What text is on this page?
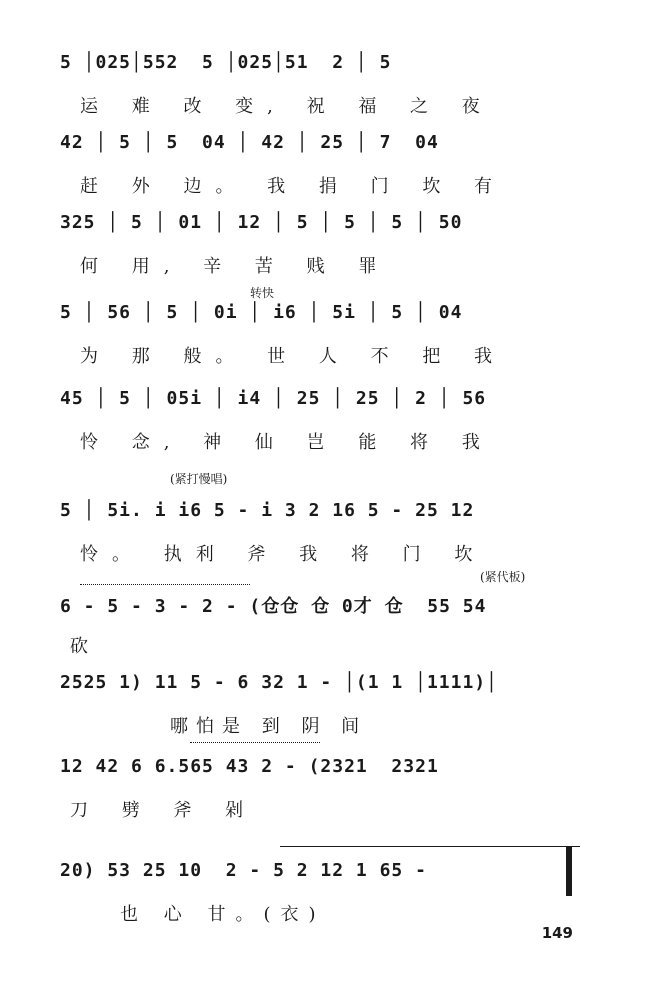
5 │025│552  5 │025│51  2 │ 5
运 难 改 变, 祝 福 之 夜
42 │ 5 │ 5  04 │ 42 │ 25 │ 7  04
赶 外 边。 我 捐 门 坎 有
325 │ 5 │ 01 │ 12 │ 5 │ 5 │ 5 │ 50
何 用, 辛 苦 贱 罪
转快
5 │ 56 │ 5 │ 0i │ i6 │ 5i │ 5 │ 04
为 那 般。 世 人 不 把 我
45 │ 5 │ 05i │ i4 │ 25 │ 25 │ 2 │ 56
怜 念, 神 仙 岂 能 将 我
(紧打慢唱)
5 │ 5i. i i6 5 - i 3 2 16 5 - 25 12
怜。 执利 斧 我 将 门 坎
(紧代板)
6 - 5 - 3 - 2 - (仓仓 仓 0才 仓  55 54
砍
2525 1) 11 5 - 6 32 1 - │(1 1 │1111)│
哪怕是 到 阴 间
12 42 6 6.565 43 2 - (2321  2321
刀 劈 斧 剁
20) 53 25 10  2 - 5 2 12 1 65 -
也 心 甘。(衣)
149
